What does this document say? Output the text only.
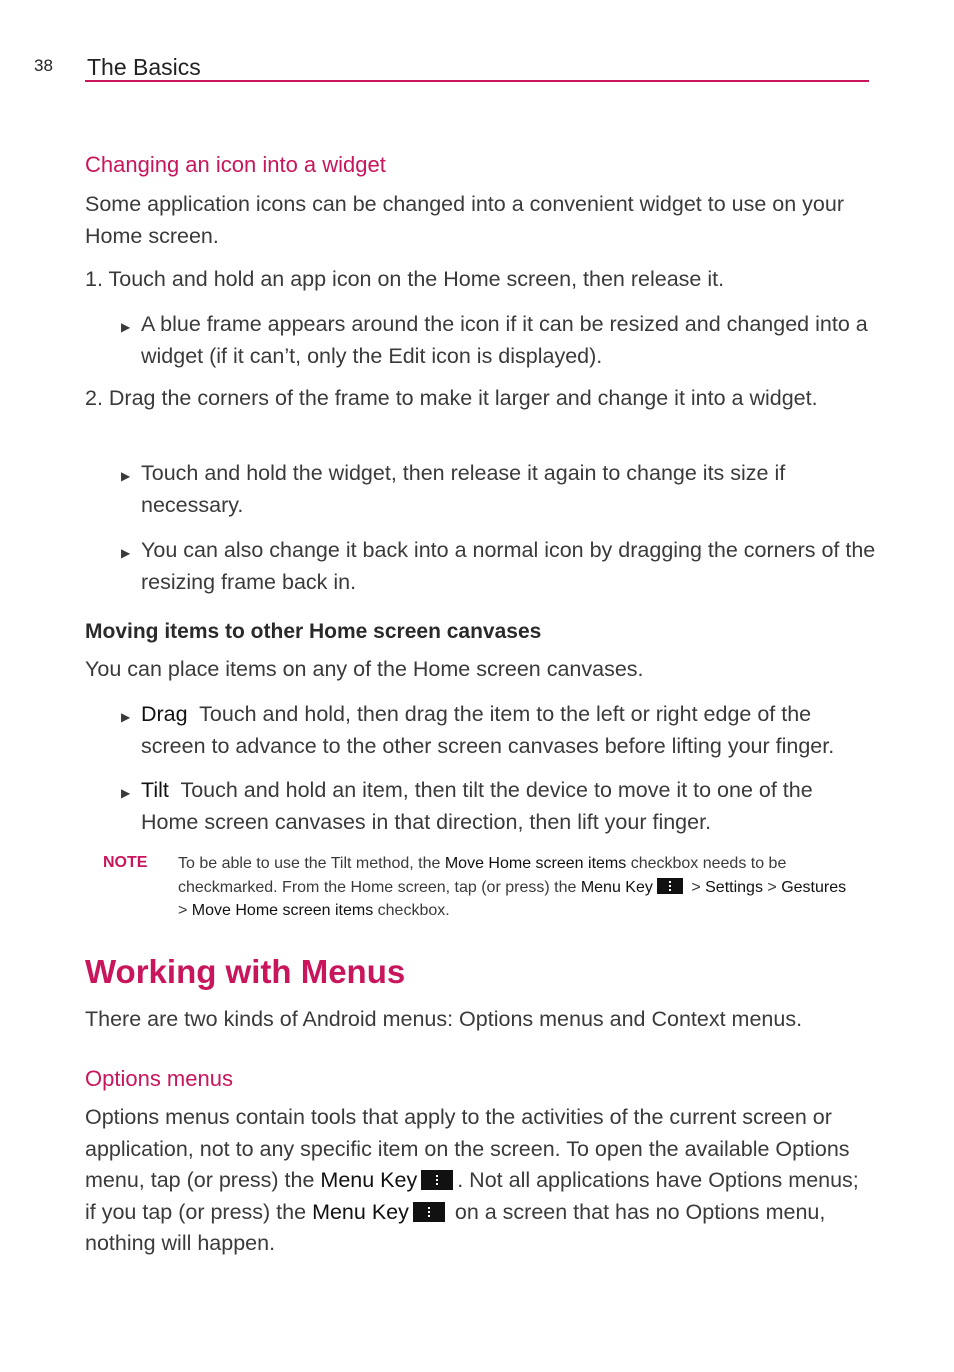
38 The Basics
Changing an icon into a widget
Some application icons can be changed into a convenient widget to use on your Home screen.
1. Touch and hold an app icon on the Home screen, then release it.
▶ A blue frame appears around the icon if it can be resized and changed into a widget (if it can’t, only the Edit icon is displayed).
2. Drag the corners of the frame to make it larger and change it into a widget.
▶ Touch and hold the widget, then release it again to change its size if necessary.
▶ You can also change it back into a normal icon by dragging the corners of the resizing frame back in.
Moving items to other Home screen canvases
You can place items on any of the Home screen canvases.
▶ Drag Touch and hold, then drag the item to the left or right edge of the screen to advance to the other screen canvases before lifting your finger.
▶ Tilt Touch and hold an item, then tilt the device to move it to one of the Home screen canvases in that direction, then lift your finger.
NOTE To be able to use the Tilt method, the Move Home screen items checkbox needs to be checkmarked. From the Home screen, tap (or press) the Menu Key > Settings > Gestures > Move Home screen items checkbox.
Working with Menus
There are two kinds of Android menus: Options menus and Context menus.
Options menus
Options menus contain tools that apply to the activities of the current screen or application, not to any specific item on the screen. To open the available Options menu, tap (or press) the Menu Key . Not all applications have Options menus; if you tap (or press) the Menu Key on a screen that has no Options menu, nothing will happen.
